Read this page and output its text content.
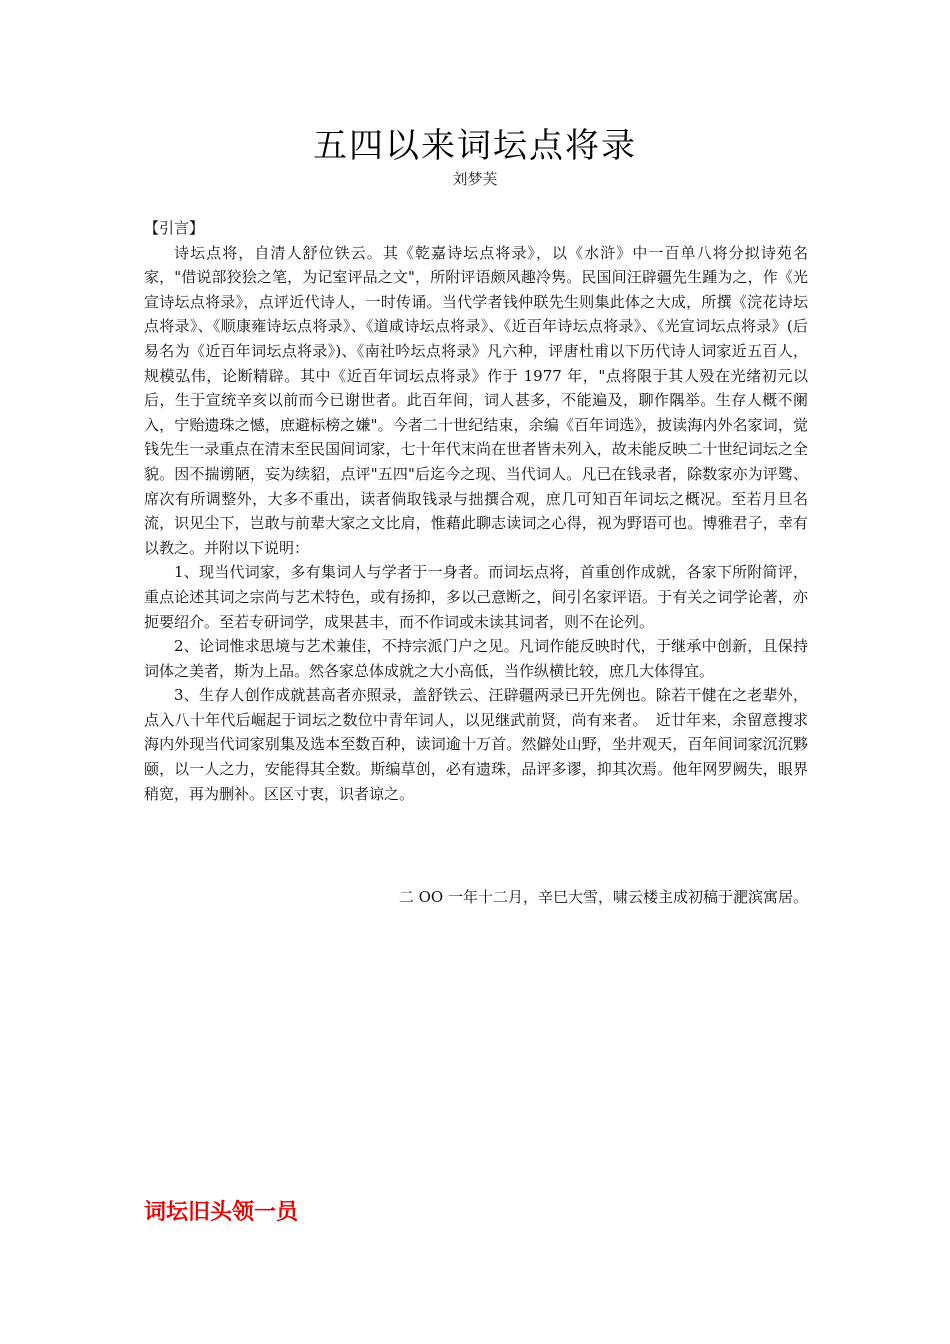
五四以来词坛点将录
刘梦芙

【引言】

诗坛点将，自清人舒位铁云。其《乾嘉诗坛点将录》，以《水浒》中一百单八将分拟诗苑名家，"借说部狡狯之笔，为记室评品之文"，所附评语颇风趣冷隽。民国间汪辟疆先生踵为之，作《光宣诗坛点将录》，点评近代诗人，一时传诵。当代学者钱仲联先生则集此体之大成，所撰《浣花诗坛点将录》、《顺康雍诗坛点将录》、《道咸诗坛点将录》、《近百年诗坛点将录》、《光宣词坛点将录》(后易名为《近百年词坛点将录》)、《南社吟坛点将录》凡六种，评唐杜甫以下历代诗人词家近五百人，规模弘伟，论断精辟。其中《近百年词坛点将录》作于 1977 年，"点将限于其人殁在光绪初元以后，生于宣统辛亥以前而今已谢世者。此百年间，词人甚多，不能遍及，聊作隅举。生存人概不阑入，宁贻遗珠之憾，庶避标榜之嫌"。今者二十世纪结束，余编《百年词选》，披读海内外名家词，觉钱先生一录重点在清末至民国间词家，七十年代末尚在世者皆未列入，故未能反映二十世纪词坛之全貌。因不揣谫陋，妄为续貂，点评"五四"后迄今之现、当代词人。凡已在钱录者，除数家亦为评骘、席次有所调整外，大多不重出，读者倘取钱录与拙撰合观，庶几可知百年词坛之概况。至若月旦名流，识见尘下，岂敢与前辈大家之文比肩，惟藉此聊志读词之心得，视为野语可也。博雅君子，幸有以教之。并附以下说明：

1、现当代词家，多有集词人与学者于一身者。而词坛点将，首重创作成就，各家下所附简评，重点论述其词之宗尚与艺术特色，或有扬抑，多以己意断之，间引名家评语。于有关之词学论著，亦扼要绍介。至若专研词学，成果甚丰，而不作词或未读其词者，则不在论列。

2、论词惟求思境与艺术兼佳，不持宗派门户之见。凡词作能反映时代，于继承中创新，且保持词体之美者，斯为上品。然各家总体成就之大小高低，当作纵横比较，庶几大体得宜。

3、生存人创作成就甚高者亦照录，盖舒铁云、汪辟疆两录已开先例也。除若干健在之老辈外，点入八十年代后崛起于词坛之数位中青年词人，以见继武前贤，尚有来者。　近廿年来，余留意搜求海内外现当代词家别集及选本至数百种，读词逾十万首。然僻处山野，坐井观天，百年间词家沉沉夥颐，以一人之力，安能得其全数。斯编草创，必有遗珠，品评多谬，抑其次焉。他年网罗阙失，眼界稍宽，再为删补。区区寸衷，识者谅之。

二 OO 一年十二月，辛巳大雪，啸云楼主成初稿于淝滨寓居。
词坛旧头领一员
